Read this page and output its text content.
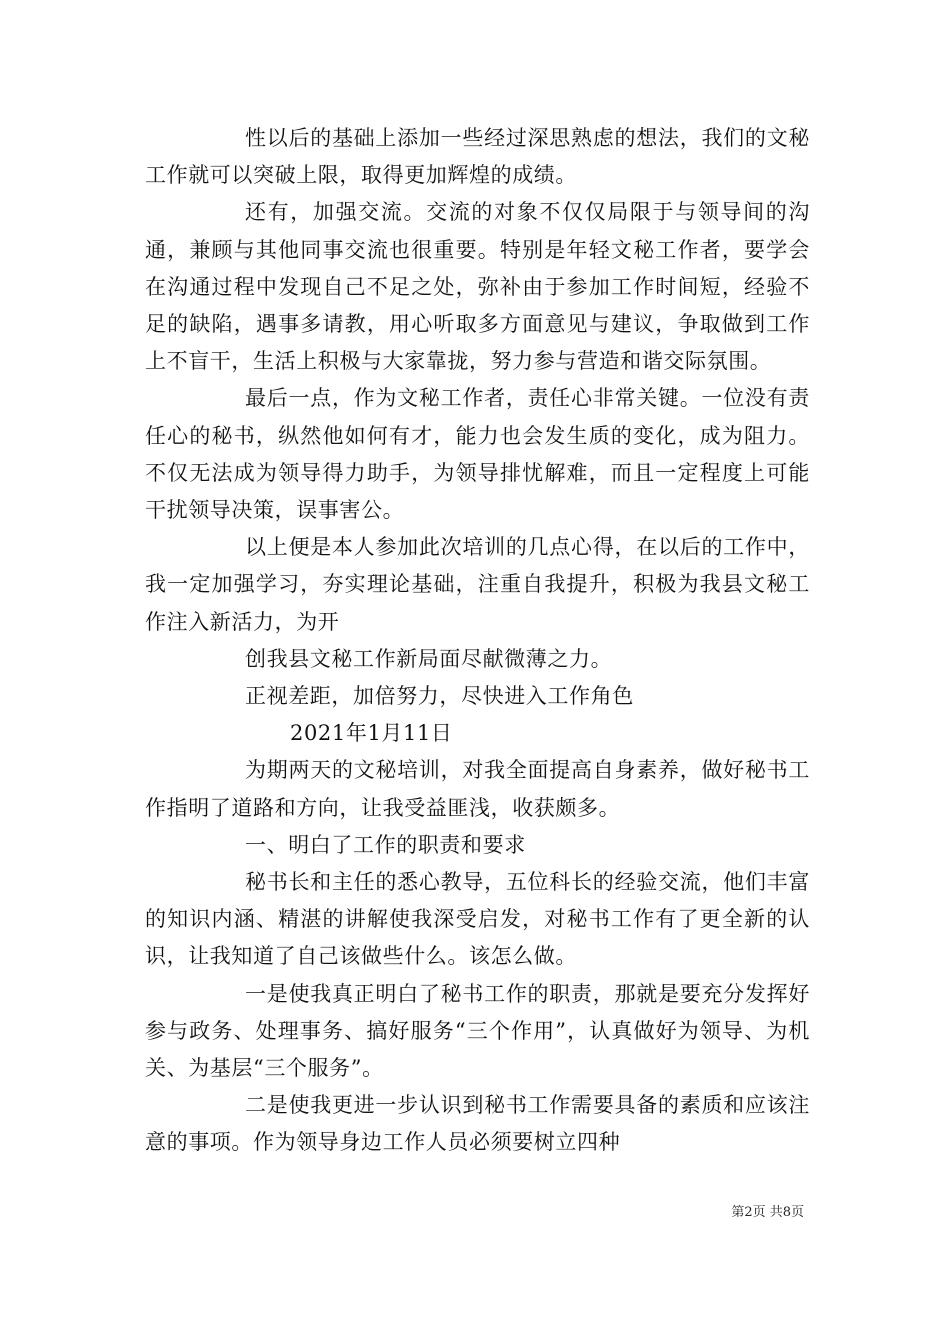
性以后的基础上添加一些经过深思熟虑的想法，我们的文秘工作就可以突破上限，取得更加辉煌的成绩。

还有，加强交流。交流的对象不仅仅局限于与领导间的沟通，兼顾与其他同事交流也很重要。特别是年轻文秘工作者，要学会在沟通过程中发现自己不足之处，弥补由于参加工作时间短，经验不足的缺陷，遇事多请教，用心听取多方面意见与建议，争取做到工作上不盲干，生活上积极与大家靠拢，努力参与营造和谐交际氛围。

最后一点，作为文秘工作者，责任心非常关键。一位没有责任心的秘书，纵然他如何有才，能力也会发生质的变化，成为阻力。不仅无法成为领导得力助手，为领导排忧解难，而且一定程度上可能干扰领导决策，误事害公。

以上便是本人参加此次培训的几点心得，在以后的工作中，我一定加强学习，夯实理论基础，注重自我提升，积极为我县文秘工作注入新活力，为开

创我县文秘工作新局面尽献微薄之力。

正视差距，加倍努力，尽快进入工作角色

2021年1月11日

为期两天的文秘培训，对我全面提高自身素养，做好秘书工作指明了道路和方向，让我受益匪浅，收获颇多。

一、明白了工作的职责和要求

秘书长和主任的悉心教导，五位科长的经验交流，他们丰富的知识内涵、精湛的讲解使我深受启发，对秘书工作有了更全新的认识，让我知道了自己该做些什么。该怎么做。

一是使我真正明白了秘书工作的职责，那就是要充分发挥好参与政务、处理事务、搞好服务“三个作用”，认真做好为领导、为机关、为基层“三个服务”。

二是使我更进一步认识到秘书工作需要具备的素质和应该注意的事项。作为领导身边工作人员必须要树立四种

第2页 共8页
